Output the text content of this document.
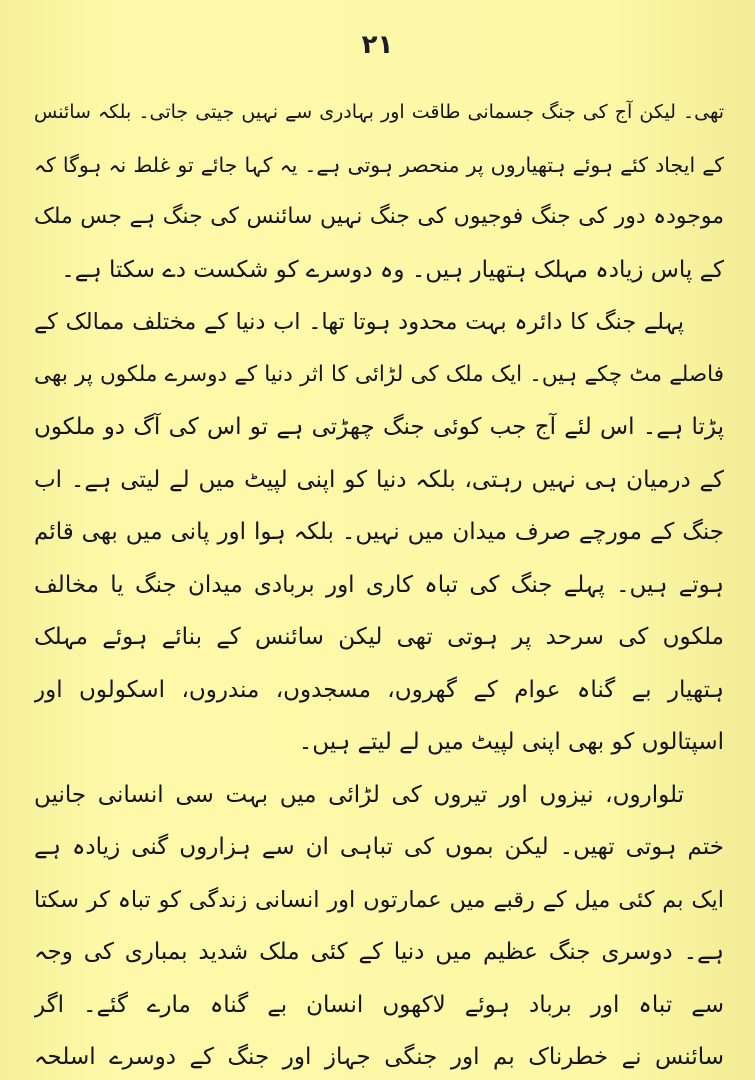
۲۱
تھی۔ لیکن آج کی جنگ جسمانی طاقت اور بہادری سے نہیں جیتی جاتی۔ بلکہ سائنس
کے ایجاد کئے ہوئے ہتھیاروں پر منحصر ہوتی ہے۔ یہ کہا جائے تو غلط نہ ہوگا کہ
موجودہ دور کی جنگ فوجیوں کی جنگ نہیں سائنس کی جنگ ہے جس ملک
کے پاس زیادہ مہلک ہتھیار ہیں۔ وہ دوسرے کو شکست دے سکتا ہے۔
پہلے جنگ کا دائرہ بہت محدود ہوتا تھا۔ اب دنیا کے مختلف ممالک کے
فاصلے مٹ چکے ہیں۔ ایک ملک کی لڑائی کا اثر دنیا کے دوسرے ملکوں پر بھی
پڑتا ہے۔ اس لئے آج جب کوئی جنگ چھڑتی ہے تو اس کی آگ دو ملکوں
کے درمیان ہی نہیں رہتی، بلکہ دنیا کو اپنی لپیٹ میں لے لیتی ہے۔ اب
جنگ کے مورچے صرف میدان میں نہیں۔ بلکہ ہوا اور پانی میں بھی قائم
ہوتے ہیں۔ پہلے جنگ کی تباہ کاری اور بربادی میدان جنگ یا مخالف
ملکوں کی سرحد پر ہوتی تھی لیکن سائنس کے بنائے ہوئے مہلک
ہتھیار بے گناہ عوام کے گھروں، مسجدوں، مندروں، اسکولوں اور
اسپتالوں کو بھی اپنی لپیٹ میں لے لیتے ہیں۔
تلواروں، نیزوں اور تیروں کی لڑائی میں بہت سی انسانی جانیں
ختم ہوتی تھیں۔ لیکن بموں کی تباہی ان سے ہزاروں گنی زیادہ ہے
ایک بم کئی میل کے رقبے میں عمارتوں اور انسانی زندگی کو تباہ کر سکتا
ہے۔ دوسری جنگ عظیم میں دنیا کے کئی ملک شدید بمباری کی وجہ
سے تباہ اور برباد ہوئے لاکھوں انسان بے گناہ مارے گئے۔ اگر
سائنس نے خطرناک بم اور جنگی جہاز اور جنگ کے دوسرے اسلحہ
